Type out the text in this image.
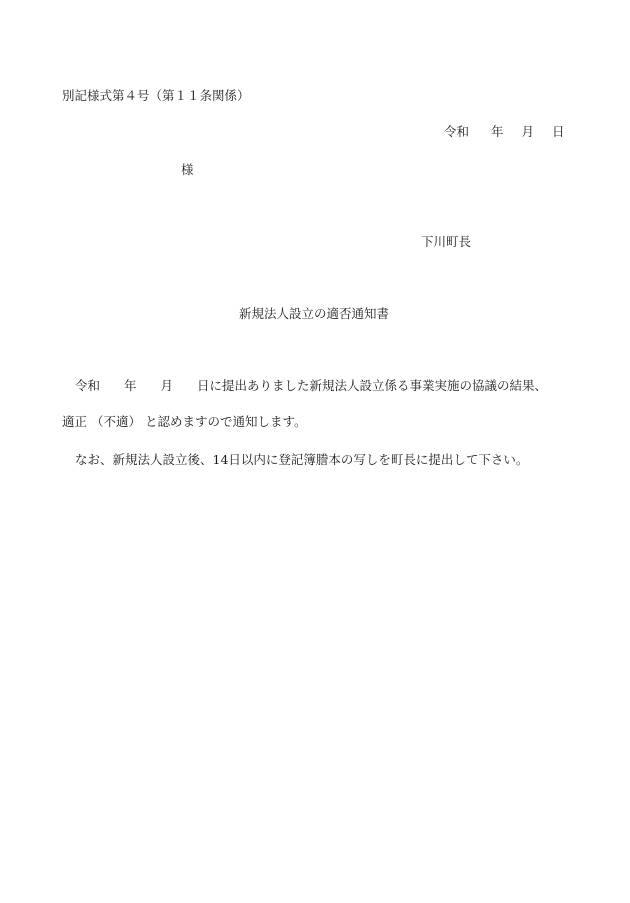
別記様式第４号（第１１条関係）
令和 年 月 日
様
下川町長
新規法人設立の適否通知書
令和 年 月 日に提出ありました新規法人設立係る事業実施の協議の結果、
適正 （不適） と認めますので通知します。
なお、新規法人設立後、14日以内に登記簿謄本の写しを町長に提出して下さい。
